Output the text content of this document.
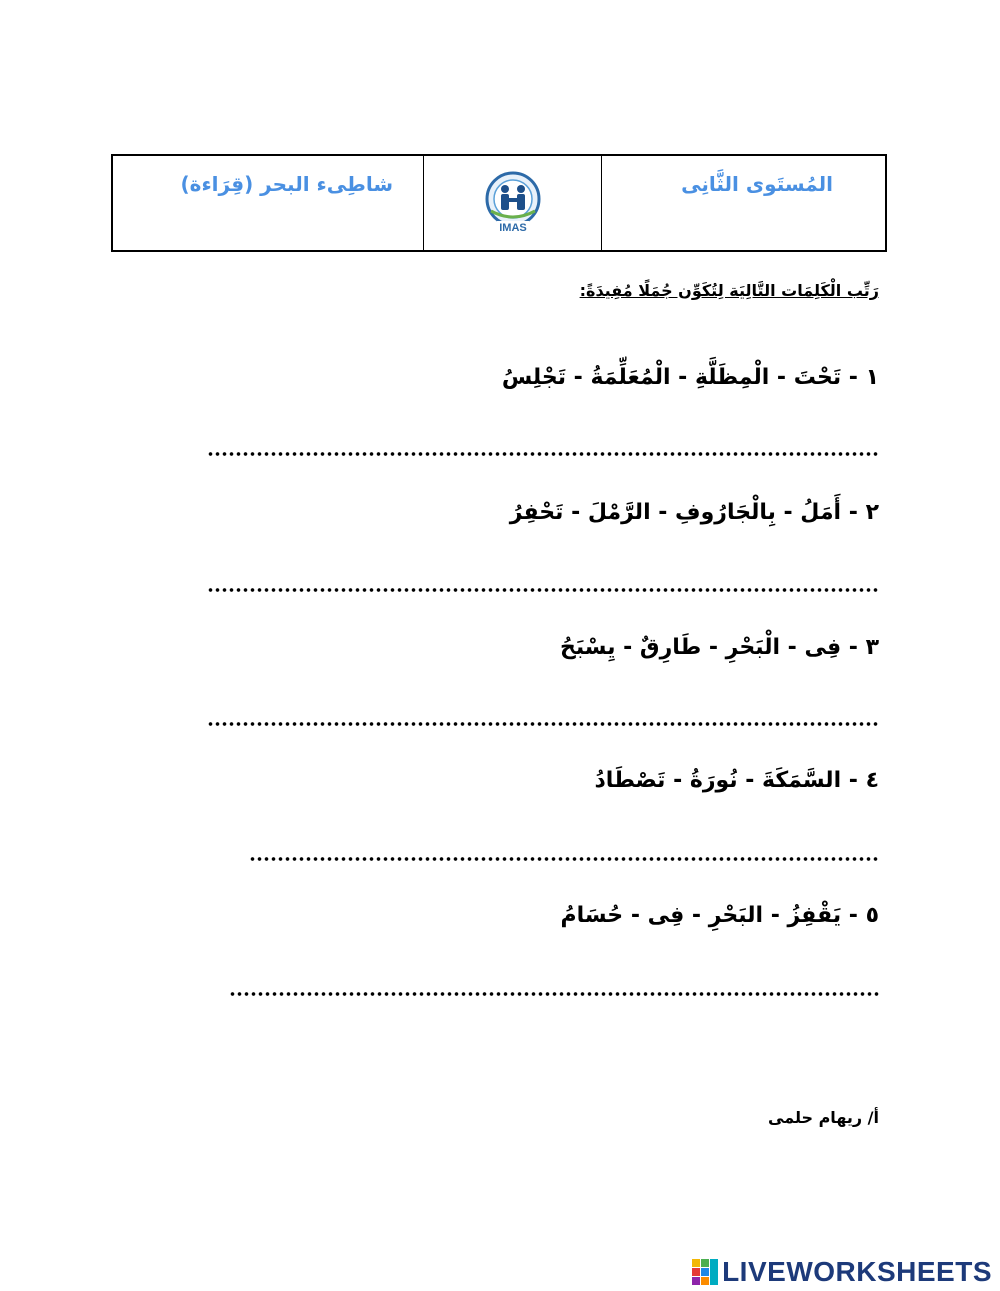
شاطِىء البحر (قِرَاءة)
IMAS
المُستَوى الثَّانِى
رَتِّب الْكَلِمَات التَّالِيَة لِتُكَوِّن جُمَلًا مُفِيدَةً:
١ - تَحْتَ - الْمِظَلَّةِ - الْمُعَلِّمَةُ - تَجْلِسُ
٢ - أَمَلُ - بِالْجَارُوفِ - الرَّمْلَ - تَحْفِرُ
٣ - فِى - الْبَحْرِ - طَارِقٌ - يِسْبَحُ
٤ - السَّمَكَةَ - نُورَةُ - تَصْطَادُ
٥ - يَقْفِزُ - البَحْرِ - فِى - حُسَامُ
أ/ ريهام حلمى
LIVEWORKSHEETS
